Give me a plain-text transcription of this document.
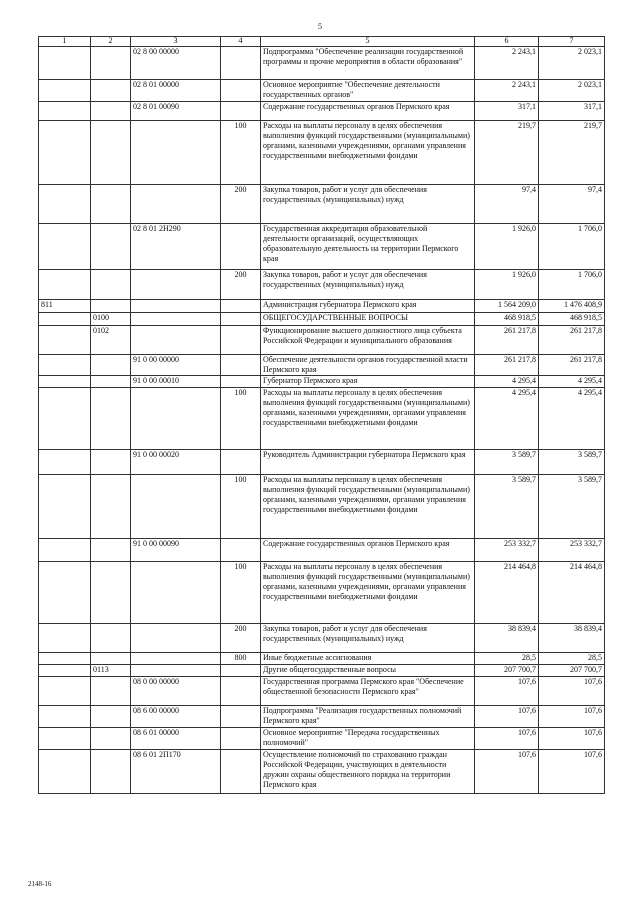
5
1	2	3	4	5	6	7
		02 8 00 00000		Подпрограмма "Обеспечение реализации государственной программы и прочие мероприятия в области образования"	2 243,1	2 023,1
		02 8 01 00000		Основное мероприятие "Обеспечение деятельности государственных органов"	2 243,1	2 023,1
		02 8 01 00090		Содержание государственных органов Пермского края	317,1	317,1
			100	Расходы на выплаты персоналу в целях обеспечения выполнения функций государственными (муниципальными) органами, казенными учреждениями, органами управления государственными внебюджетными фондами	219,7	219,7
			200	Закупка товаров, работ и услуг для обеспечения государственных (муниципальных) нужд	97,4	97,4
		02 8 01 2Н290		Государственная аккредитация образовательной деятельности организаций, осуществляющих образовательную деятельность на территории Пермского края	1 926,0	1 706,0
			200	Закупка товаров, работ и услуг для обеспечения государственных (муниципальных) нужд	1 926,0	1 706,0
811				Администрация губернатора Пермского края	1 564 209,0	1 476 408,9
	0100			ОБЩЕГОСУДАРСТВЕННЫЕ ВОПРОСЫ	468 918,5	468 918,5
	0102			Функционирование высшего должностного лица субъекта Российской Федерации и муниципального образования	261 217,8	261 217,8
		91 0 00 00000		Обеспечение деятельности органов государственной власти Пермского края	261 217,8	261 217,8
		91 0 00 00010		Губернатор Пермского края	4 295,4	4 295,4
			100	Расходы на выплаты персоналу в целях обеспечения выполнения функций государственными (муниципальными) органами, казенными учреждениями, органами управления государственными внебюджетными фондами	4 295,4	4 295,4
		91 0 00 00020		Руководитель Администрации губернатора Пермского края	3 589,7	3 589,7
			100	Расходы на выплаты персоналу в целях обеспечения выполнения функций государственными (муниципальными) органами, казенными учреждениями, органами управления государственными внебюджетными фондами	3 589,7	3 589,7
		91 0 00 00090		Содержание государственных органов Пермского края	253 332,7	253 332,7
			100	Расходы на выплаты персоналу в целях обеспечения выполнения функций государственными (муниципальными) органами, казенными учреждениями, органами управления государственными внебюджетными фондами	214 464,8	214 464,8
			200	Закупка товаров, работ и услуг для обеспечения государственных (муниципальных) нужд	38 839,4	38 839,4
			800	Иные бюджетные ассигнования	28,5	28,5
	0113			Другие общегосударственные вопросы	207 700,7	207 700,7
		08 0 00 00000		Государственная программа Пермского края "Обеспечение общественной безопасности Пермского края"	107,6	107,6
		08 6 00 00000		Подпрограмма "Реализация государственных полномочий Пермского края"	107,6	107,6
		08 6 01 00000		Основное мероприятие "Передача государственных полномочий"	107,6	107,6
		08 6 01 2П170		Осуществление полномочий по страхованию граждан Российской Федерации, участвующих в деятельности дружин охраны общественного порядка на территории Пермского края	107,6	107,6
2148-16
